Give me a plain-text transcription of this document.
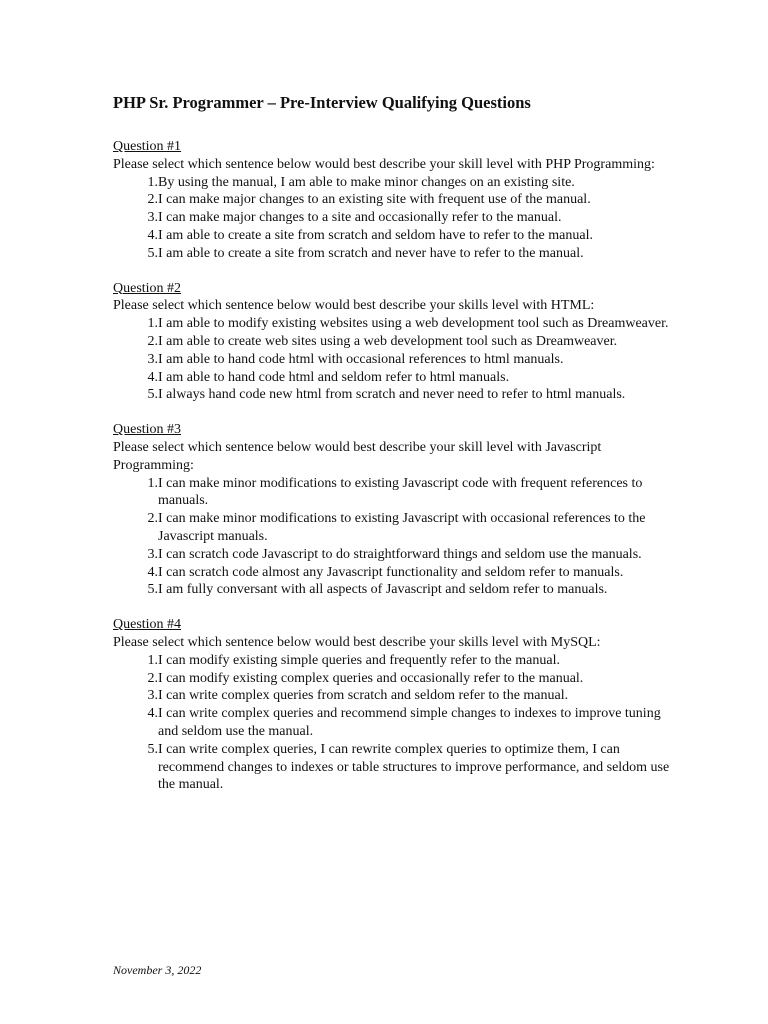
PHP Sr. Programmer – Pre-Interview Qualifying Questions

Question #1

Please select which sentence below would best describe your skill level with PHP Programming:

1. By using the manual, I am able to make minor changes on an existing site.
2. I can make major changes to an existing site with frequent use of the manual.
3. I can make major changes to a site and occasionally refer to the manual.
4. I am able to create a site from scratch and seldom have to refer to the manual.
5. I am able to create a site from scratch and never have to refer to the manual.

Question #2

Please select which sentence below would best describe your skills level with HTML:

1. I am able to modify existing websites using a web development tool such as Dreamweaver.
2. I am able to create web sites using a web development tool such as Dreamweaver.
3. I am able to hand code html with occasional references to html manuals.
4. I am able to hand code html and seldom refer to html manuals.
5. I always hand code new html from scratch and never need to refer to html manuals.

Question #3

Please select which sentence below would best describe your skill level with Javascript Programming:

1. I can make minor modifications to existing Javascript code with frequent references to manuals.
2. I can make minor modifications to existing Javascript with occasional references to the Javascript manuals.
3. I can scratch code Javascript to do straightforward things and seldom use the manuals.
4. I can scratch code almost any Javascript functionality and seldom refer to manuals.
5. I am fully conversant with all aspects of Javascript and seldom refer to manuals.

Question #4

Please select which sentence below would best describe your skills level with MySQL:

1. I can modify existing simple queries and frequently refer to the manual.
2. I can modify existing complex queries and occasionally refer to the manual.
3. I can write complex queries from scratch and seldom refer to the manual.
4. I can write complex queries and recommend simple changes to indexes to improve tuning and seldom use the manual.
5. I can write complex queries, I can rewrite complex queries to optimize them, I can recommend changes to indexes or table structures to improve performance, and seldom use the manual.
November 3, 2022
